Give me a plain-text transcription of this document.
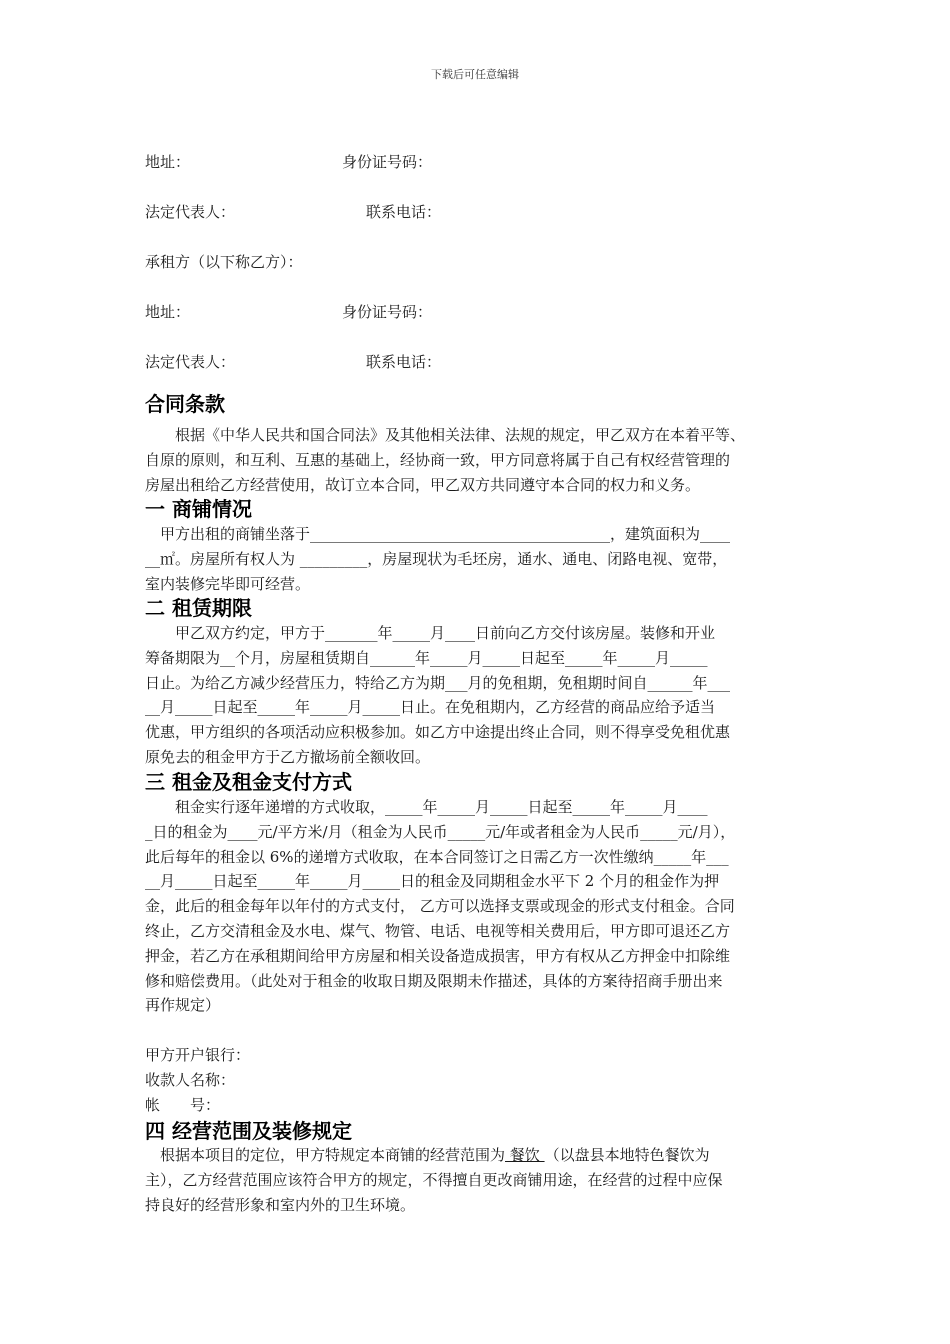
下载后可任意编辑
地址：	身份证号码：
法定代表人：	联系电话：
承租方（以下称乙方）：
地址：	身份证号码：
法定代表人：	联系电话：
合同条款
　　根据《中华人民共和国合同法》及其他相关法律、法规的规定，甲乙双方在本着平等、
自原的原则，和互利、互惠的基础上，经协商一致，甲方同意将属于自己有权经营管理的
房屋出租给乙方经营使用，故订立本合同，甲乙双方共同遵守本合同的权力和义务。
一 商铺情况
　甲方出租的商铺坐落于________________________________________，建筑面积为____
__㎡。房屋所有权人为 _________，房屋现状为毛坯房，通水、通电、闭路电视、宽带，
室内装修完毕即可经营。
二 租赁期限
　　甲乙双方约定，甲方于_______年_____月____日前向乙方交付该房屋。装修和开业
筹备期限为__个月，房屋租赁期自______年_____月_____日起至_____年_____月_____
日止。为给乙方减少经营压力，特给乙方为期___月的免租期，免租期时间自______年___
__月_____日起至_____年_____月_____日止。在免租期内，乙方经营的商品应给予适当
优惠，甲方组织的各项活动应积极参加。如乙方中途提出终止合同，则不得享受免租优惠
原免去的租金甲方于乙方撤场前全额收回。
三 租金及租金支付方式
　　租金实行逐年递增的方式收取，_____年_____月_____日起至_____年_____月____
_日的租金为____元/平方米/月（租金为人民币_____元/年或者租金为人民币_____元/月），
此后每年的租金以 6%的递增方式收取，在本合同签订之日需乙方一次性缴纳_____年___
__月_____日起至_____年_____月_____日的租金及同期租金水平下 2 个月的租金作为押
金，此后的租金每年以年付的方式支付， 乙方可以选择支票或现金的形式支付租金。合同
终止，乙方交清租金及水电、煤气、物管、电话、电视等相关费用后，甲方即可退还乙方
押金，若乙方在承租期间给甲方房屋和相关设备造成损害，甲方有权从乙方押金中扣除维
修和赔偿费用。（此处对于租金的收取日期及限期未作描述，具体的方案待招商手册出来
再作规定）
甲方开户银行：
收款人名称：
帐　　号：
四 经营范围及装修规定
　根据本项目的定位，甲方特规定本商铺的经营范围为 餐饮 （以盘县本地特色餐饮为
主），乙方经营范围应该符合甲方的规定，不得擅自更改商铺用途，在经营的过程中应保
持良好的经营形象和室内外的卫生环境。
